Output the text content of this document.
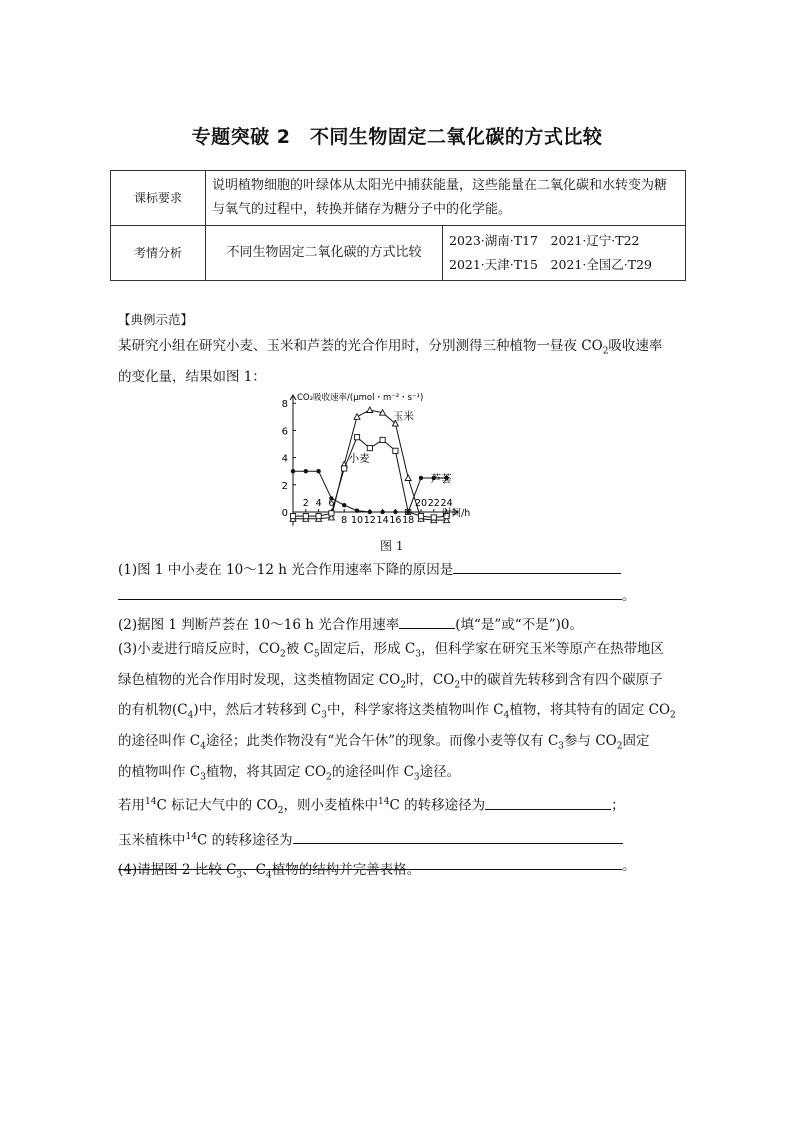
专题突破 2　不同生物固定二氧化碳的方式比较
课标要求	说明植物细胞的叶绿体从太阳光中捕获能量，这些能量在二氧化碳和水转变为糖与氧气的过程中，转换并储存为糖分子中的化学能。	
考情分析	不同生物固定二氧化碳的方式比较	2023·湖南·T17　2021·辽宁·T22
2021·天津·T15　2021·全国乙·T29
【典例示范】
某研究小组在研究小麦、玉米和芦荟的光合作用时，分别测得三种植物一昼夜 $CO_2$吸收速率
的变化量，结果如图 1：
0
2
4
6
8
2 4 6	20 22 24
8 10 12 14 16 18
CO₂吸收速率/(μmol・m⁻²・s⁻¹)
时间/h
玉米
小麦
芦荟
图 1
(1)图 1 中小麦在 10～12 h 光合作用速率下降的原因是
。
(2)据图 1 判断芦荟在 10～16 h 光合作用速率	(填“是”或“不是”)0。
(3)小麦进行暗反应时，$CO_2$被 $C_5$固定后，形成 $C_3$，但科学家在研究玉米等原产在热带地区
绿色植物的光合作用时发现，这类植物固定 $CO_2$时，$CO_2$中的碳首先转移到含有四个碳原子
的有机物$(C_4)$中，然后才转移到 $C_3$中，科学家将这类植物叫作 $C_4$植物，将其特有的固定 $CO_2$
的途径叫作 $C_4$途径；此类作物没有“光合午休”的现象。而像小麦等仅有 $C_3$参与 $CO_2$固定
的植物叫作 $C_3$植物，将其固定 $CO_2$的途径叫作 $C_3$途径。
若用$^{14}$C 标记大气中的 $CO_2$，则小麦植株中$^{14}$C 的转移途径为	；
玉米植株中$^{14}$C 的转移途径为
。
(4)请据图 2 比较 $C_3$、$C_4$植物的结构并完善表格。
